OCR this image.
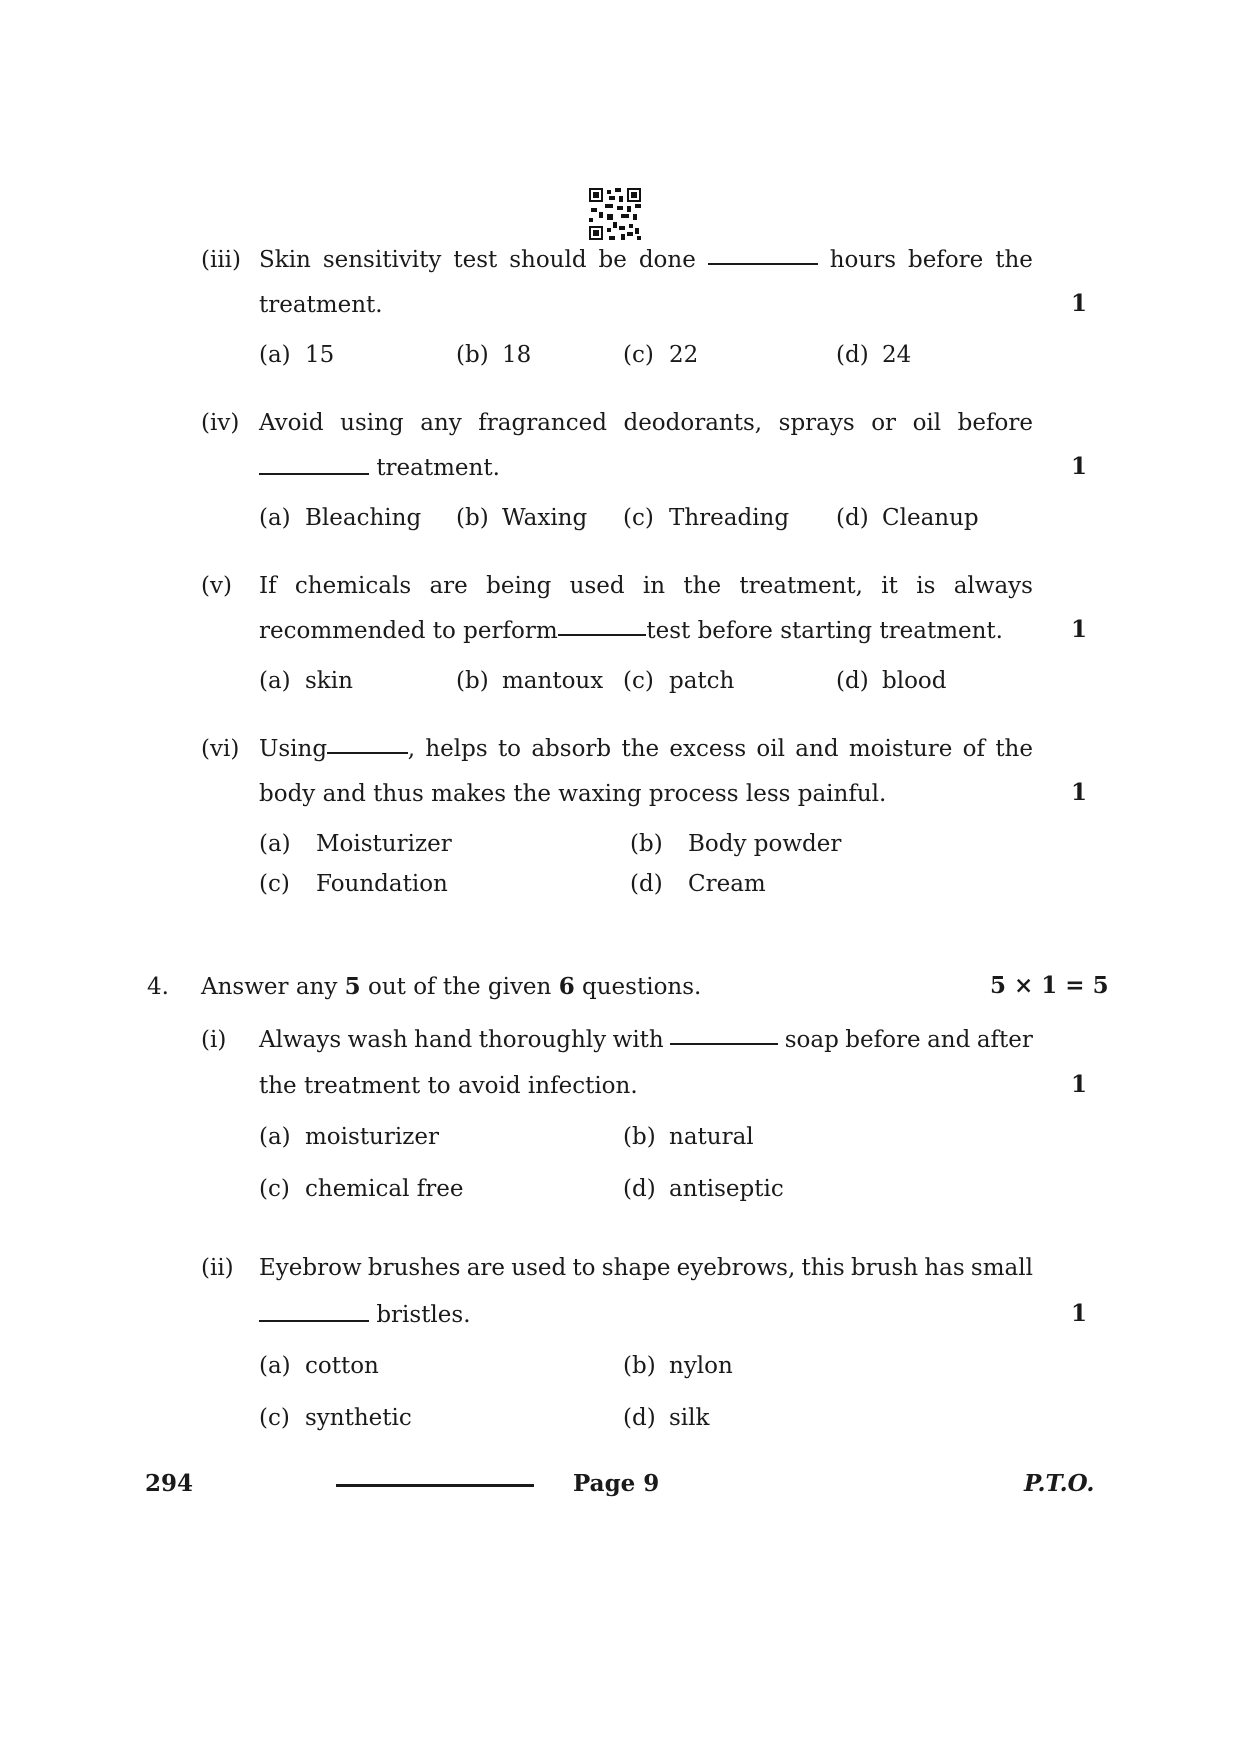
(iii) Skin sensitivity test should be done	hours before the
treatment.	1
(a) 15	(b) 18	(c) 22	(d) 24
(iv) Avoid using any fragranced deodorants, sprays or oil before
treatment.	1
(a) Bleaching (b) Waxing (c) Threading (d) Cleanup
(v) If chemicals are being used in the treatment, it is always
recommended to perform	test before starting treatment.	1
(a) skin	(b) mantoux (c) patch	(d) blood
(vi) Using	, helps to absorb the excess oil and moisture of the
body and thus makes the waxing process less painful.	1
(a) Moisturizer	(b) Body powder
(c) Foundation	(d) Cream
4. Answer any 5 out of the given 6 questions.	5 × 1 = 5
(i) Always wash hand thoroughly with	soap before and after
the treatment to avoid infection.	1
(a) moisturizer	(b) natural
(c) chemical free	(d) antiseptic
(ii) Eyebrow brushes are used to shape eyebrows, this brush has small
bristles.	1
(a) cotton	(b) nylon
(c) synthetic	(d) silk
294	Page 9	P.T.O.
